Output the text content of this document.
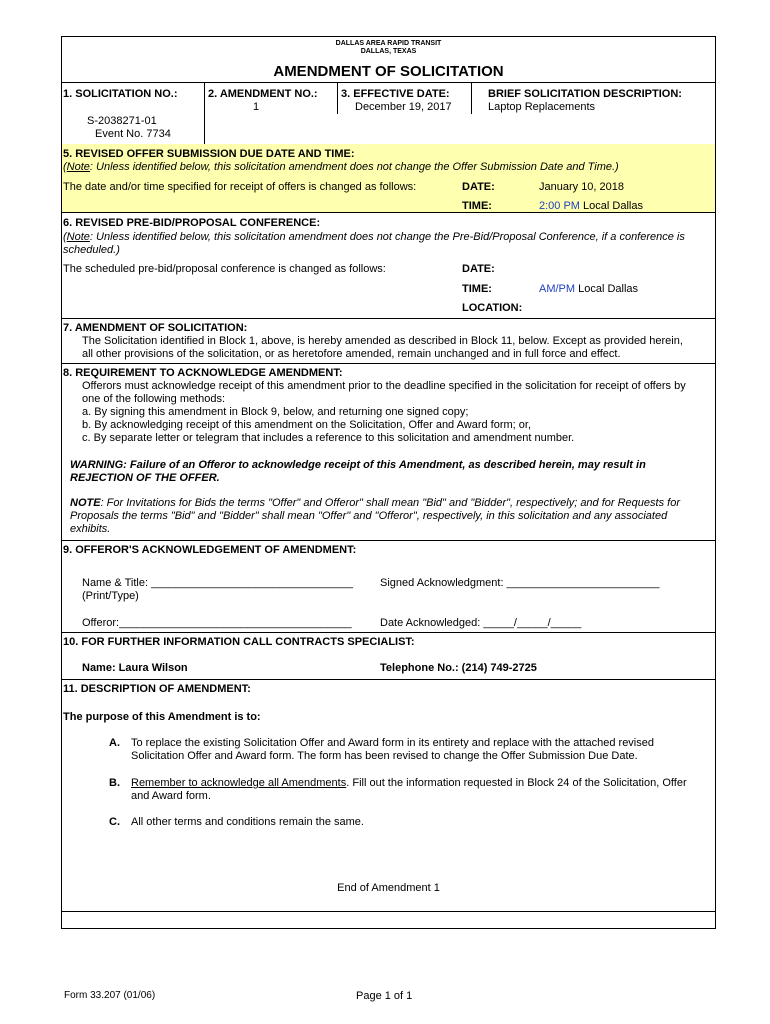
DALLAS AREA RAPID TRANSIT
DALLAS, TEXAS
AMENDMENT OF SOLICITATION
1. SOLICITATION NO.:
S-2038271-01
Event No. 7734
2. AMENDMENT NO.:
1
3. EFFECTIVE DATE:
December 19, 2017
BRIEF SOLICITATION DESCRIPTION:
Laptop Replacements
5. REVISED OFFER SUBMISSION DUE DATE AND TIME:
(Note: Unless identified below, this solicitation amendment does not change the Offer Submission Date and Time.)
The date and/or time specified for receipt of offers is changed as follows:	DATE:	January 10, 2018
TIME:	2:00 PM Local Dallas
6. REVISED PRE-BID/PROPOSAL CONFERENCE:
(Note: Unless identified below, this solicitation amendment does not change the Pre-Bid/Proposal Conference, if a conference is
scheduled.)
The scheduled pre-bid/proposal conference is changed as follows:	DATE:
TIME:	AM/PM Local Dallas
LOCATION:
7. AMENDMENT OF SOLICITATION:
The Solicitation identified in Block 1, above, is hereby amended as described in Block 11, below. Except as provided herein,
all other provisions of the solicitation, or as heretofore amended, remain unchanged and in full force and effect.
8. REQUIREMENT TO ACKNOWLEDGE AMENDMENT:
Offerors must acknowledge receipt of this amendment prior to the deadline specified in the solicitation for receipt of offers by
one of the following methods:
a. By signing this amendment in Block 9, below, and returning one signed copy;
b. By acknowledging receipt of this amendment on the Solicitation, Offer and Award form; or,
c. By separate letter or telegram that includes a reference to this solicitation and amendment number.
WARNING: Failure of an Offeror to acknowledge receipt of this Amendment, as described herein, may result in
REJECTION OF THE OFFER.
NOTE: For Invitations for Bids the terms "Offer" and Offeror" shall mean "Bid" and "Bidder", respectively; and for Requests for
Proposals the terms "Bid" and "Bidder" shall mean "Offer" and "Offeror", respectively, in this solicitation and any associated
exhibits.
9. OFFEROR'S ACKNOWLEDGEMENT OF AMENDMENT:
Name & Title: _________________________________
(Print/Type)
Signed Acknowledgment: _________________________
Offeror:______________________________________	Date Acknowledged: _____/_____/_____
10. FOR FURTHER INFORMATION CALL CONTRACTS SPECIALIST:
Name: Laura Wilson	Telephone No.: (214) 749-2725
11. DESCRIPTION OF AMENDMENT:
The purpose of this Amendment is to:
A. To replace the existing Solicitation Offer and Award form in its entirety and replace with the attached revised
Solicitation Offer and Award form. The form has been revised to change the Offer Submission Due Date.
B. Remember to acknowledge all Amendments. Fill out the information requested in Block 24 of the Solicitation, Offer
and Award form.
C. All other terms and conditions remain the same.
End of Amendment 1
Form 33.207 (01/06)	Page 1 of 1
